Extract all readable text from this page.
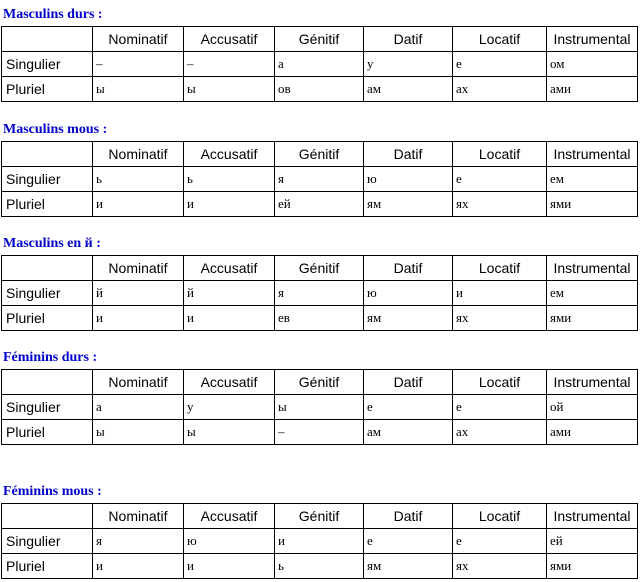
Masculins durs :
	Nominatif	Accusatif	Génitif	Datif	Locatif	Instrumental
Singulier	–	–	а	у	е	ом
Pluriel	ы	ы	ов	ам	ах	ами
Masculins mous :
	Nominatif	Accusatif	Génitif	Datif	Locatif	Instrumental
Singulier	ь	ь	я	ю	е	ем
Pluriel	и	и	ей	ям	ях	ями
Masculins en й :
	Nominatif	Accusatif	Génitif	Datif	Locatif	Instrumental
Singulier	й	й	я	ю	и	ем
Pluriel	и	и	ев	ям	ях	ями
Féminins durs :
	Nominatif	Accusatif	Génitif	Datif	Locatif	Instrumental
Singulier	а	у	ы	е	е	ой
Pluriel	ы	ы	–	ам	ах	ами
Féminins mous :
	Nominatif	Accusatif	Génitif	Datif	Locatif	Instrumental
Singulier	я	ю	и	е	е	ей
Pluriel	и	и	ь	ям	ях	ями
